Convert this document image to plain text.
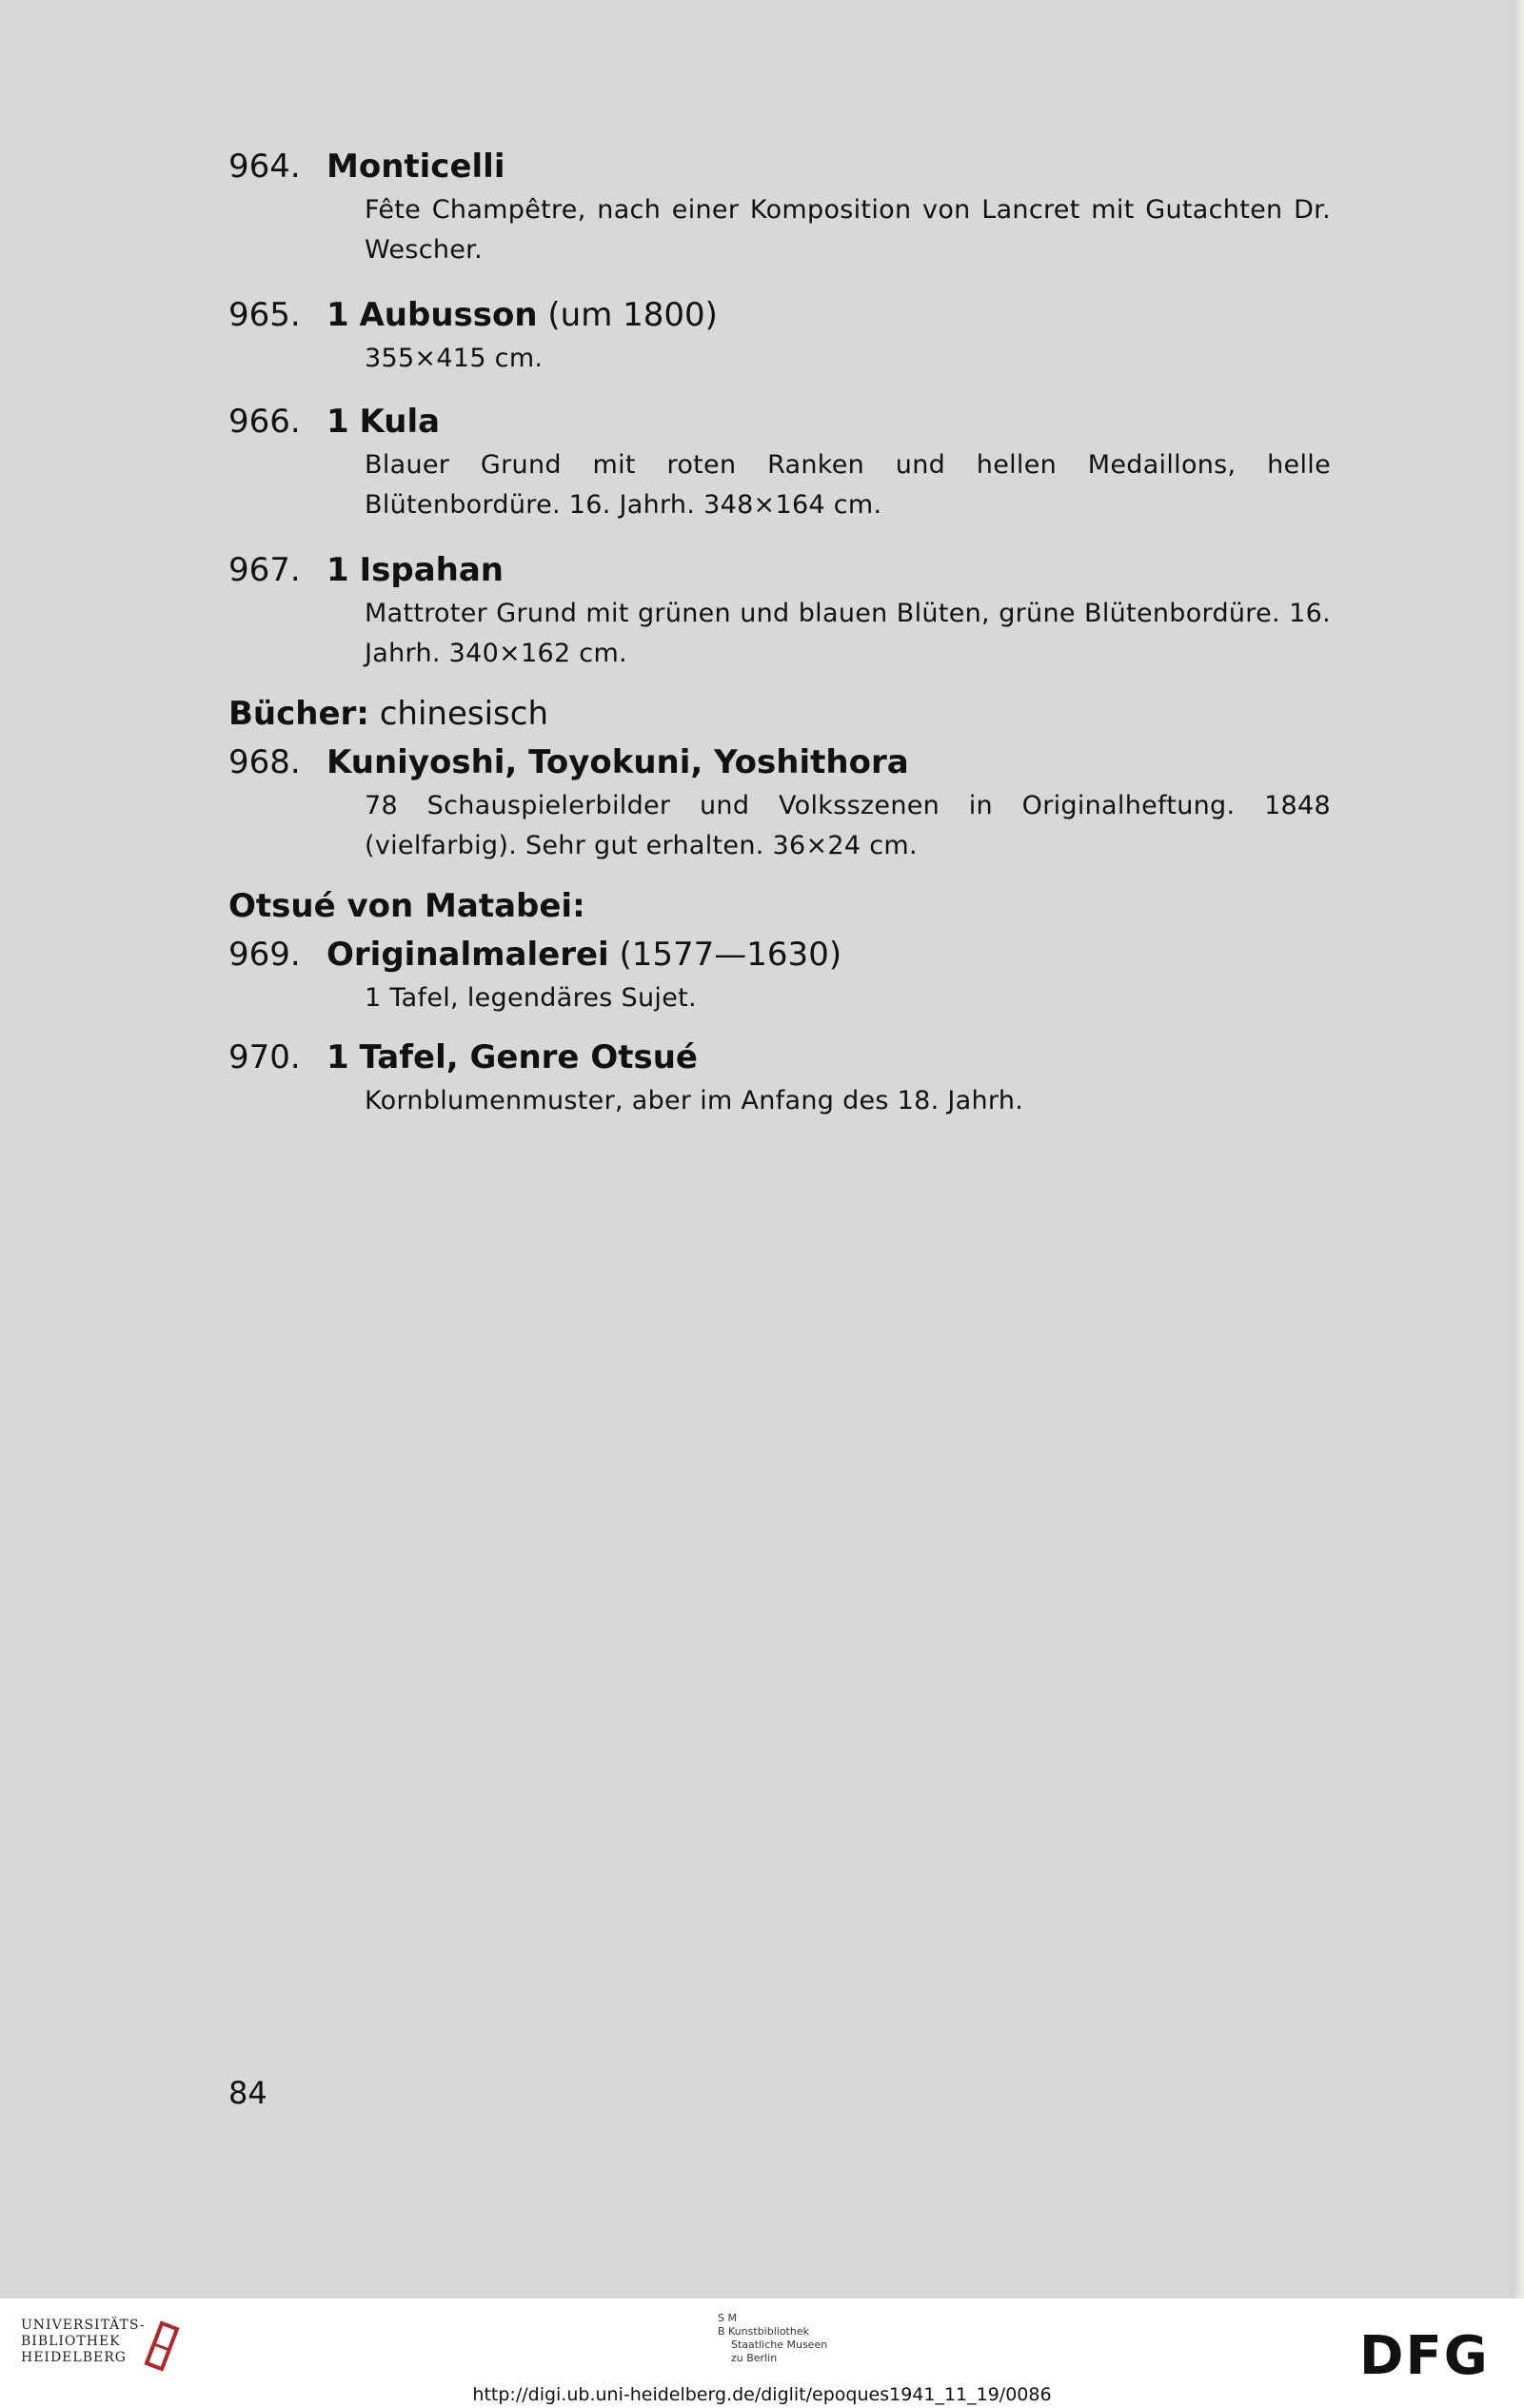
964. Monticelli
Fête Champêtre, nach einer Komposition von Lancret mit Gutachten Dr. Wescher.
965. 1 Aubusson (um 1800)
355×415 cm.
966. 1 Kula
Blauer Grund mit roten Ranken und hellen Medaillons, helle Blütenbordüre. 16. Jahrh. 348×164 cm.
967. 1 Ispahan
Mattroter Grund mit grünen und blauen Blüten, grüne Blütenbordüre. 16. Jahrh. 340×162 cm.
Bücher: chinesisch
968. Kuniyoshi, Toyokuni, Yoshithora
78 Schauspielerbilder und Volksszenen in Originalheftung. 1848 (vielfarbig). Sehr gut erhalten. 36×24 cm.
Otsué von Matabei:
969. Originalmalerei (1577—1630)
1 Tafel, legendäres Sujet.
970. 1 Tafel, Genre Otsué
Kornblumenmuster, aber im Anfang des 18. Jahrh.
84
UNIVERSITÄTS-
BIBLIOTHEK
HEIDELBERG
S M
B Kunstbibliothek
Staatliche Museen
zu Berlin	DFG
http://digi.ub.uni-heidelberg.de/diglit/epoques1941_11_19/0086
